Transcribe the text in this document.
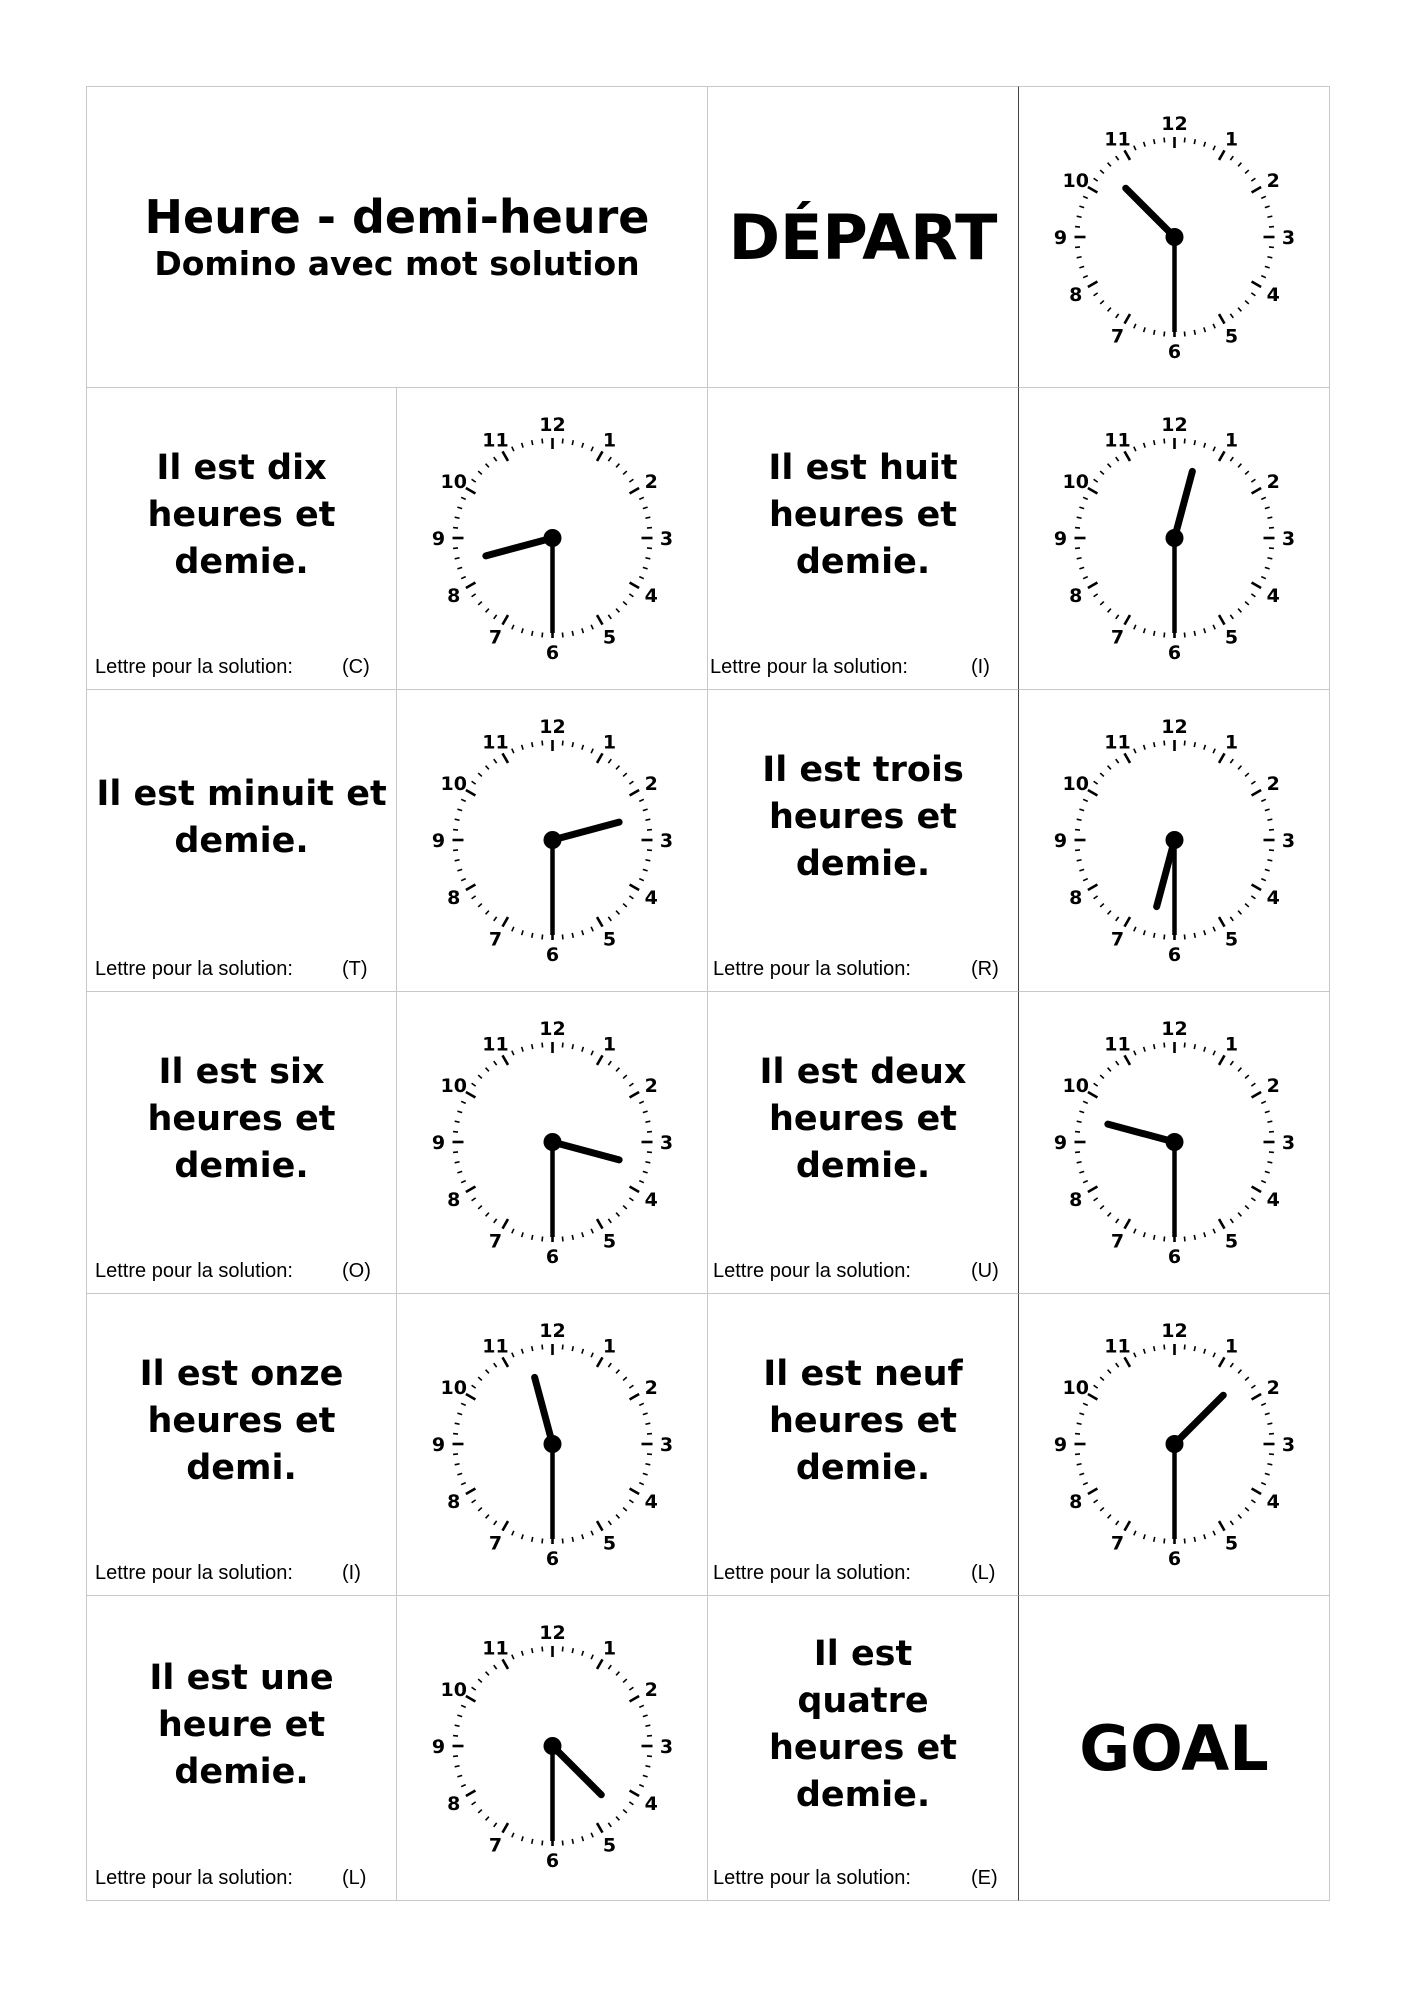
Heure - demi-heure
Domino avec mot solution	DÉPART
12
1
2
3
4
5
6
7
8
9
10
11
Il est dix heures et demie.
Lettre pour la solution: (C)
12
1
2
3
4
5
6
7
8
9
10
11
Il est huit heures et demie.
Lettre pour la solution:	(I)
12
1
2
3
4
5
6
7
8
9
10
11
Il est minuit et demie.
Lettre pour la solution: (T)
12
1
2
3
4
5
6
7
8
9
10
11
Il est trois heures et demie.
Lettre pour la solution:	(R)
12
1
2
3
4
5
6
7
8
9
10
11
Il est six heures et demie.
Lettre pour la solution: (O)
12
1
2
3
4
5
6
7
8
9
10
11
Il est deux heures et demie.
Lettre pour la solution:	(U)
12
1
2
3
4
5
6
7
8
9
10
11
Il est onze heures et demi.
Lettre pour la solution: (I)
12
1
2
3
4
5
6
7
8
9
10
11
Il est neuf heures et demie.
Lettre pour la solution:	(L)
12
1
2
3
4
5
6
7
8
9
10
11
Il est une heure et demie.
Lettre pour la solution: (L)
12
1
2
3
4
5
6
7
8
9
10
11	Il est quatre heures et demie.
Lettre pour la solution:	(E)
GOAL
